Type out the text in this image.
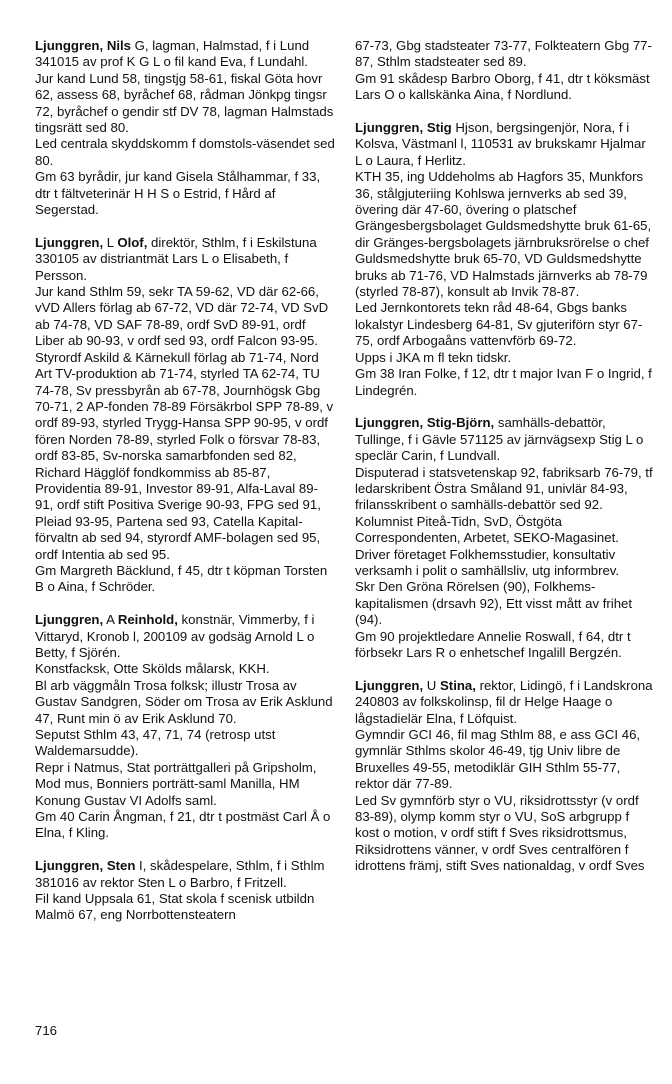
Ljunggren, Nils G, lagman, Halmstad, f i Lund 341015 av prof K G L o fil kand Eva, f Lundahl.

Jur kand Lund 58, tingstjg 58-61, fiskal Göta hovr 62, assess 68, byråchef 68, rådman Jönkpg tingsr 72, byråchef o gendir stf DV 78, lagman Halmstads tingsrätt sed 80.

Led centrala skyddskomm f domstols-väsendet sed 80.

Gm 63 byrådir, jur kand Gisela Stålhammar, f 33, dtr t fältveterinär H H S o Estrid, f Hård af Segerstad.

Ljunggren, L Olof, direktör, Sthlm, f i Eskilstuna 330105 av distriantmät Lars L o Elisabeth, f Persson.

Jur kand Sthlm 59, sekr TA 59-62, VD där 62-66, vVD Allers förlag ab 67-72, VD där 72-74, VD SvD ab 74-78, VD SAF 78-89, ordf SvD 89-91, ordf Liber ab 90-93, v ordf sed 93, ordf Falcon 93-95.

Styrordf Askild & Kärnekull förlag ab 71-74, Nord Art TV-produktion ab 71-74, styrled TA 62-74, TU 74-78, Sv pressbyrån ab 67-78, Journhögsk Gbg 70-71, 2 AP-fonden 78-89 Försäkrbol SPP 78-89, v ordf 89-93, styrled Trygg-Hansa SPP 90-95, v ordf fören Norden 78-89, styrled Folk o försvar 78-83, ordf 83-85, Sv-norska samarbfonden sed 82, Richard Hägglöf fondkommiss ab 85-87, Providentia 89-91, Investor 89-91, Alfa-Laval 89-91, ordf stift Positiva Sverige 90-93, FPG sed 91, Pleiad 93-95, Partena sed 93, Catella Kapital-förvaltn ab sed 94, styrordf AMF-bolagen sed 95, ordf Intentia ab sed 95.

Gm Margreth Bäcklund, f 45, dtr t köpman Torsten B o Aina, f Schröder.

Ljunggren, A Reinhold, konstnär, Vimmerby, f i Vittaryd, Kronob l, 200109 av godsäg Arnold L o Betty, f Sjörén.

Konstfacksk, Otte Skölds målarsk, KKH.

Bl arb väggmåln Trosa folksk; illustr Trosa av Gustav Sandgren, Söder om Trosa av Erik Asklund 47, Runt min ö av Erik Asklund 70.

Seputst Sthlm 43, 47, 71, 74 (retrosp utst Waldemarsudde).

Repr i Natmus, Stat porträttgalleri på Gripsholm, Mod mus, Bonniers porträtt-saml Manilla, HM Konung Gustav VI Adolfs saml.

Gm 40 Carin Ångman, f 21, dtr t postmäst Carl Å o Elna, f Kling.

Ljunggren, Sten I, skådespelare, Sthlm, f i Sthlm 381016 av rektor Sten L o Barbro, f Fritzell.

Fil kand Uppsala 61, Stat skola f scenisk utbildn Malmö 67, eng Norrbottensteatern

67-73, Gbg stadsteater 73-77, Folkteatern Gbg 77-87, Sthlm stadsteater sed 89.

Gm 91 skådesp Barbro Oborg, f 41, dtr t köksmäst Lars O o kallskänka Aina, f Nordlund.

Ljunggren, Stig Hjson, bergsingenjör, Nora, f i Kolsva, Västmanl l, 110531 av brukskamr Hjalmar L o Laura, f Herlitz.

KTH 35, ing Uddeholms ab Hagfors 35, Munkfors 36, stålgjuteriing Kohlswa jernverks ab sed 39, övering där 47-60, övering o platschef Grängesbergsbolaget Guldsmedshytte bruk 61-65, dir Gränges-bergsbolagets järnbruksrörelse o chef Guldsmedshytte bruk 65-70, VD Guldsmedshytte bruks ab 71-76, VD Halmstads järnverks ab 78-79 (styrled 78-87), konsult ab Invik 78-87.

Led Jernkontorets tekn råd 48-64, Gbgs banks lokalstyr Lindesberg 64-81, Sv gjuteriförn styr 67-75, ordf Arbogaåns vattenvförb 69-72.

Upps i JKA m fl tekn tidskr.

Gm 38 Iran Folke, f 12, dtr t major Ivan F o Ingrid, f Lindegrén.

Ljunggren, Stig-Björn, samhälls-debattör, Tullinge, f i Gävle 571125 av järnvägsexp Stig L o speclär Carin, f Lundvall.

Disputerad i statsvetenskap 92, fabriksarb 76-79, tf ledarskribent Östra Småland 91, univlär 84-93, frilansskribent o samhälls-debattör sed 92.

Kolumnist Piteå-Tidn, SvD, Östgöta Correspondenten, Arbetet, SEKO-Magasinet.

Driver företaget Folkhemsstudier, konsultativ verksamh i polit o samhällsliv, utg informbrev.

Skr Den Gröna Rörelsen (90), Folkhems-kapitalismen (drsavh 92), Ett visst mått av frihet (94).

Gm 90 projektledare Annelie Roswall, f 64, dtr t förbsekr Lars R o enhetschef Ingalill Bergzén.

Ljunggren, U Stina, rektor, Lidingö, f i Landskrona 240803 av folkskolinsp, fil dr Helge Haage o lågstadielär Elna, f Löfquist.

Gymndir GCI 46, fil mag Sthlm 88, e ass GCI 46, gymnlär Sthlms skolor 46-49, tjg Univ libre de Bruxelles 49-55, metodiklär GIH Sthlm 55-77, rektor där 77-89.

Led Sv gymnförb styr o VU, riksidrottsstyr (v ordf 83-89), olymp komm styr o VU, SoS arbgrupp f kost o motion, v ordf stift f Sves riksidrottsmus, Riksidrottens vänner, v ordf Sves centralfören f idrottens främj, stift Sves nationaldag, v ordf Sves

716
